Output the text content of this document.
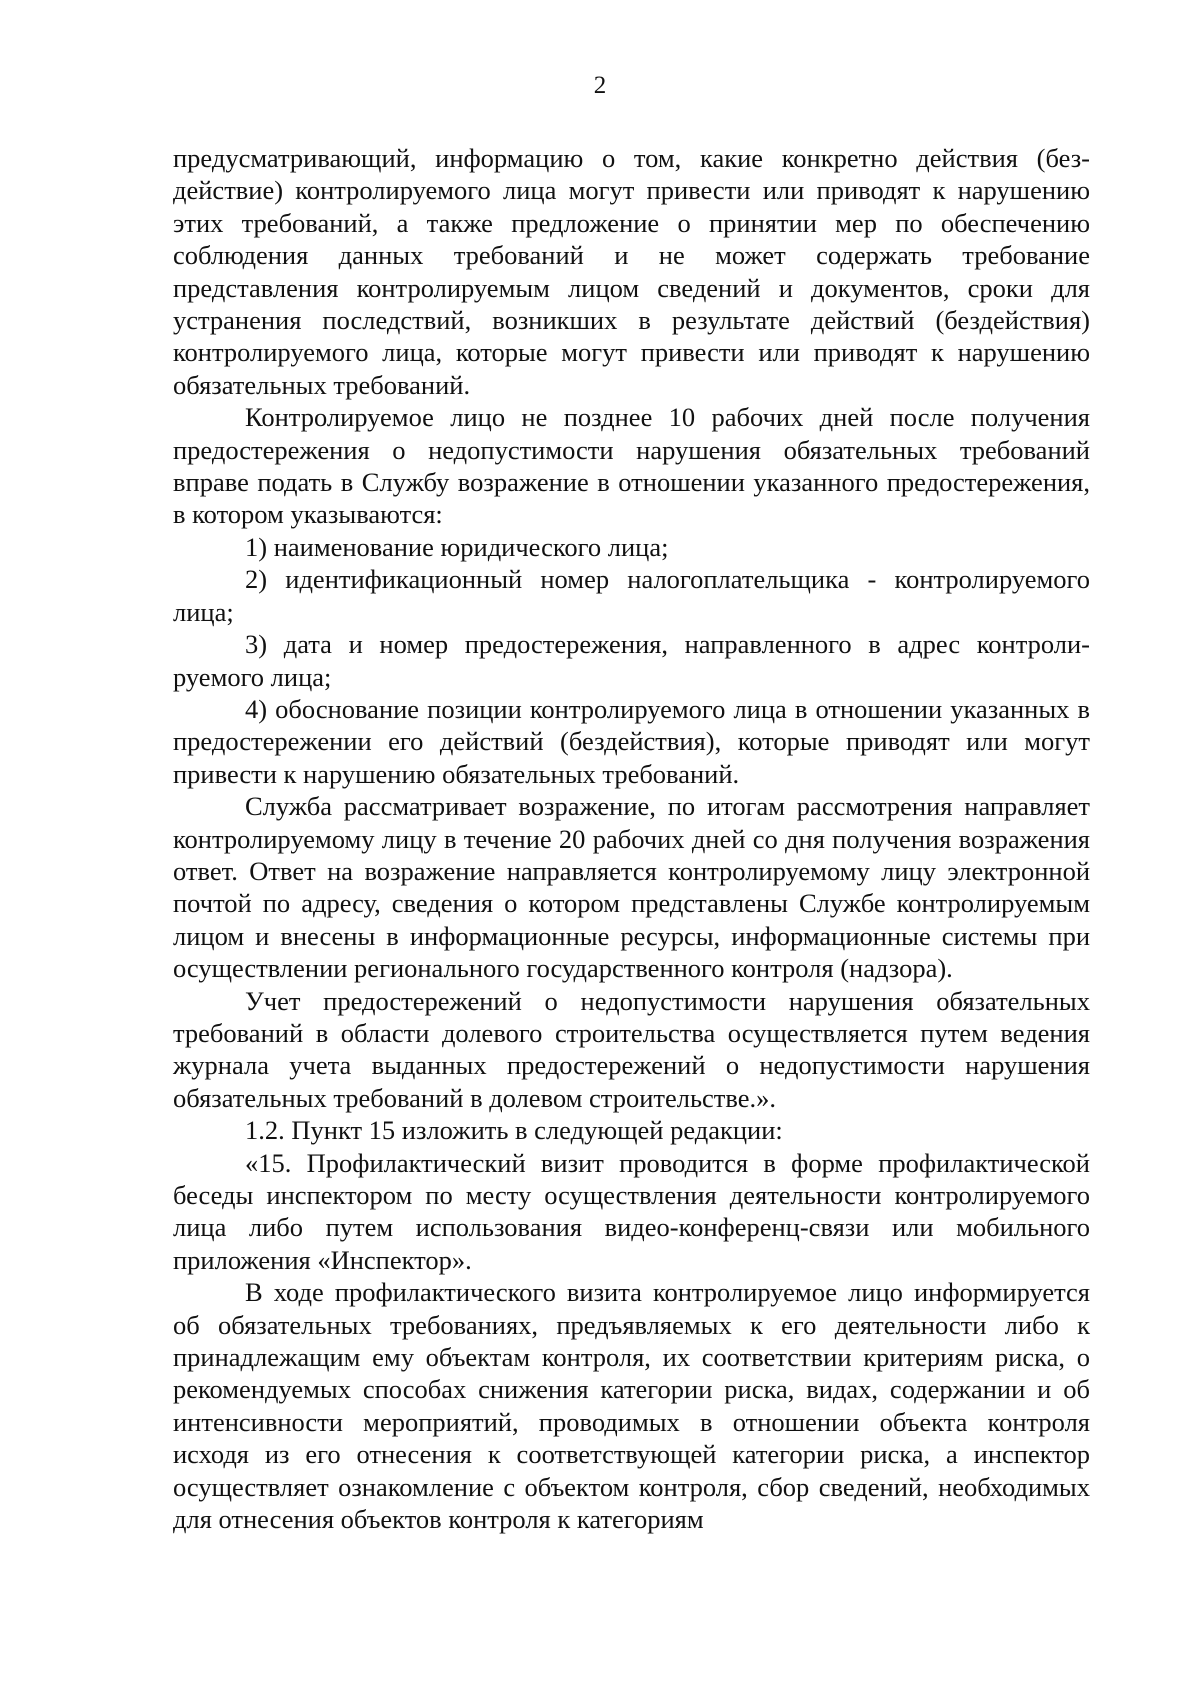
2

предусматривающий, информацию о том, какие конкретно действия (бездействие) контролируемого лица могут привести или приводят к нарушению этих требований, а также предложение о принятии мер по обеспечению соблюдения данных требований и не может содержать требование представления контролируемым лицом сведений и документов, сроки для устранения последствий, возникших в результате действий (бездействия) контролируемого лица, которые могут привести или приводят к нарушению обязательных требований.

Контролируемое лицо не позднее 10 рабочих дней после получения предостережения о недопустимости нарушения обязательных требований вправе подать в Службу возражение в отношении указанного предостережения, в котором указываются:

1) наименование юридического лица;

2) идентификационный номер налогоплательщика - контролируемого лица;

3) дата и номер предостережения, направленного в адрес контролируемого лица;

4) обоснование позиции контролируемого лица в отношении указанных в предостережении его действий (бездействия), которые приводят или могут привести к нарушению обязательных требований.

Служба рассматривает возражение, по итогам рассмотрения направляет контролируемому лицу в течение 20 рабочих дней со дня получения возражения ответ. Ответ на возражение направляется контролируемому лицу электронной почтой по адресу, сведения о котором представлены Службе контролируемым лицом и внесены в информационные ресурсы, информационные системы при осуществлении регионального государственного контроля (надзора).

Учет предостережений о недопустимости нарушения обязательных требований в области долевого строительства осуществляется путем ведения журнала учета выданных предостережений о недопустимости нарушения обязательных требований в долевом строительстве.».

1.2. Пункт 15 изложить в следующей редакции:

«15. Профилактический визит проводится в форме профилактической беседы инспектором по месту осуществления деятельности контролируемого лица либо путем использования видео-конференц-связи или мобильного приложения «Инспектор».

В ходе профилактического визита контролируемое лицо информируется об обязательных требованиях, предъявляемых к его деятельности либо к принадлежащим ему объектам контроля, их соответствии критериям риска, о рекомендуемых способах снижения категории риска, видах, содержании и об интенсивности мероприятий, проводимых в отношении объекта контроля исходя из его отнесения к соответствующей категории риска, а инспектор осуществляет ознакомление с объектом контроля, сбор сведений, необходимых для отнесения объектов контроля к категориям
